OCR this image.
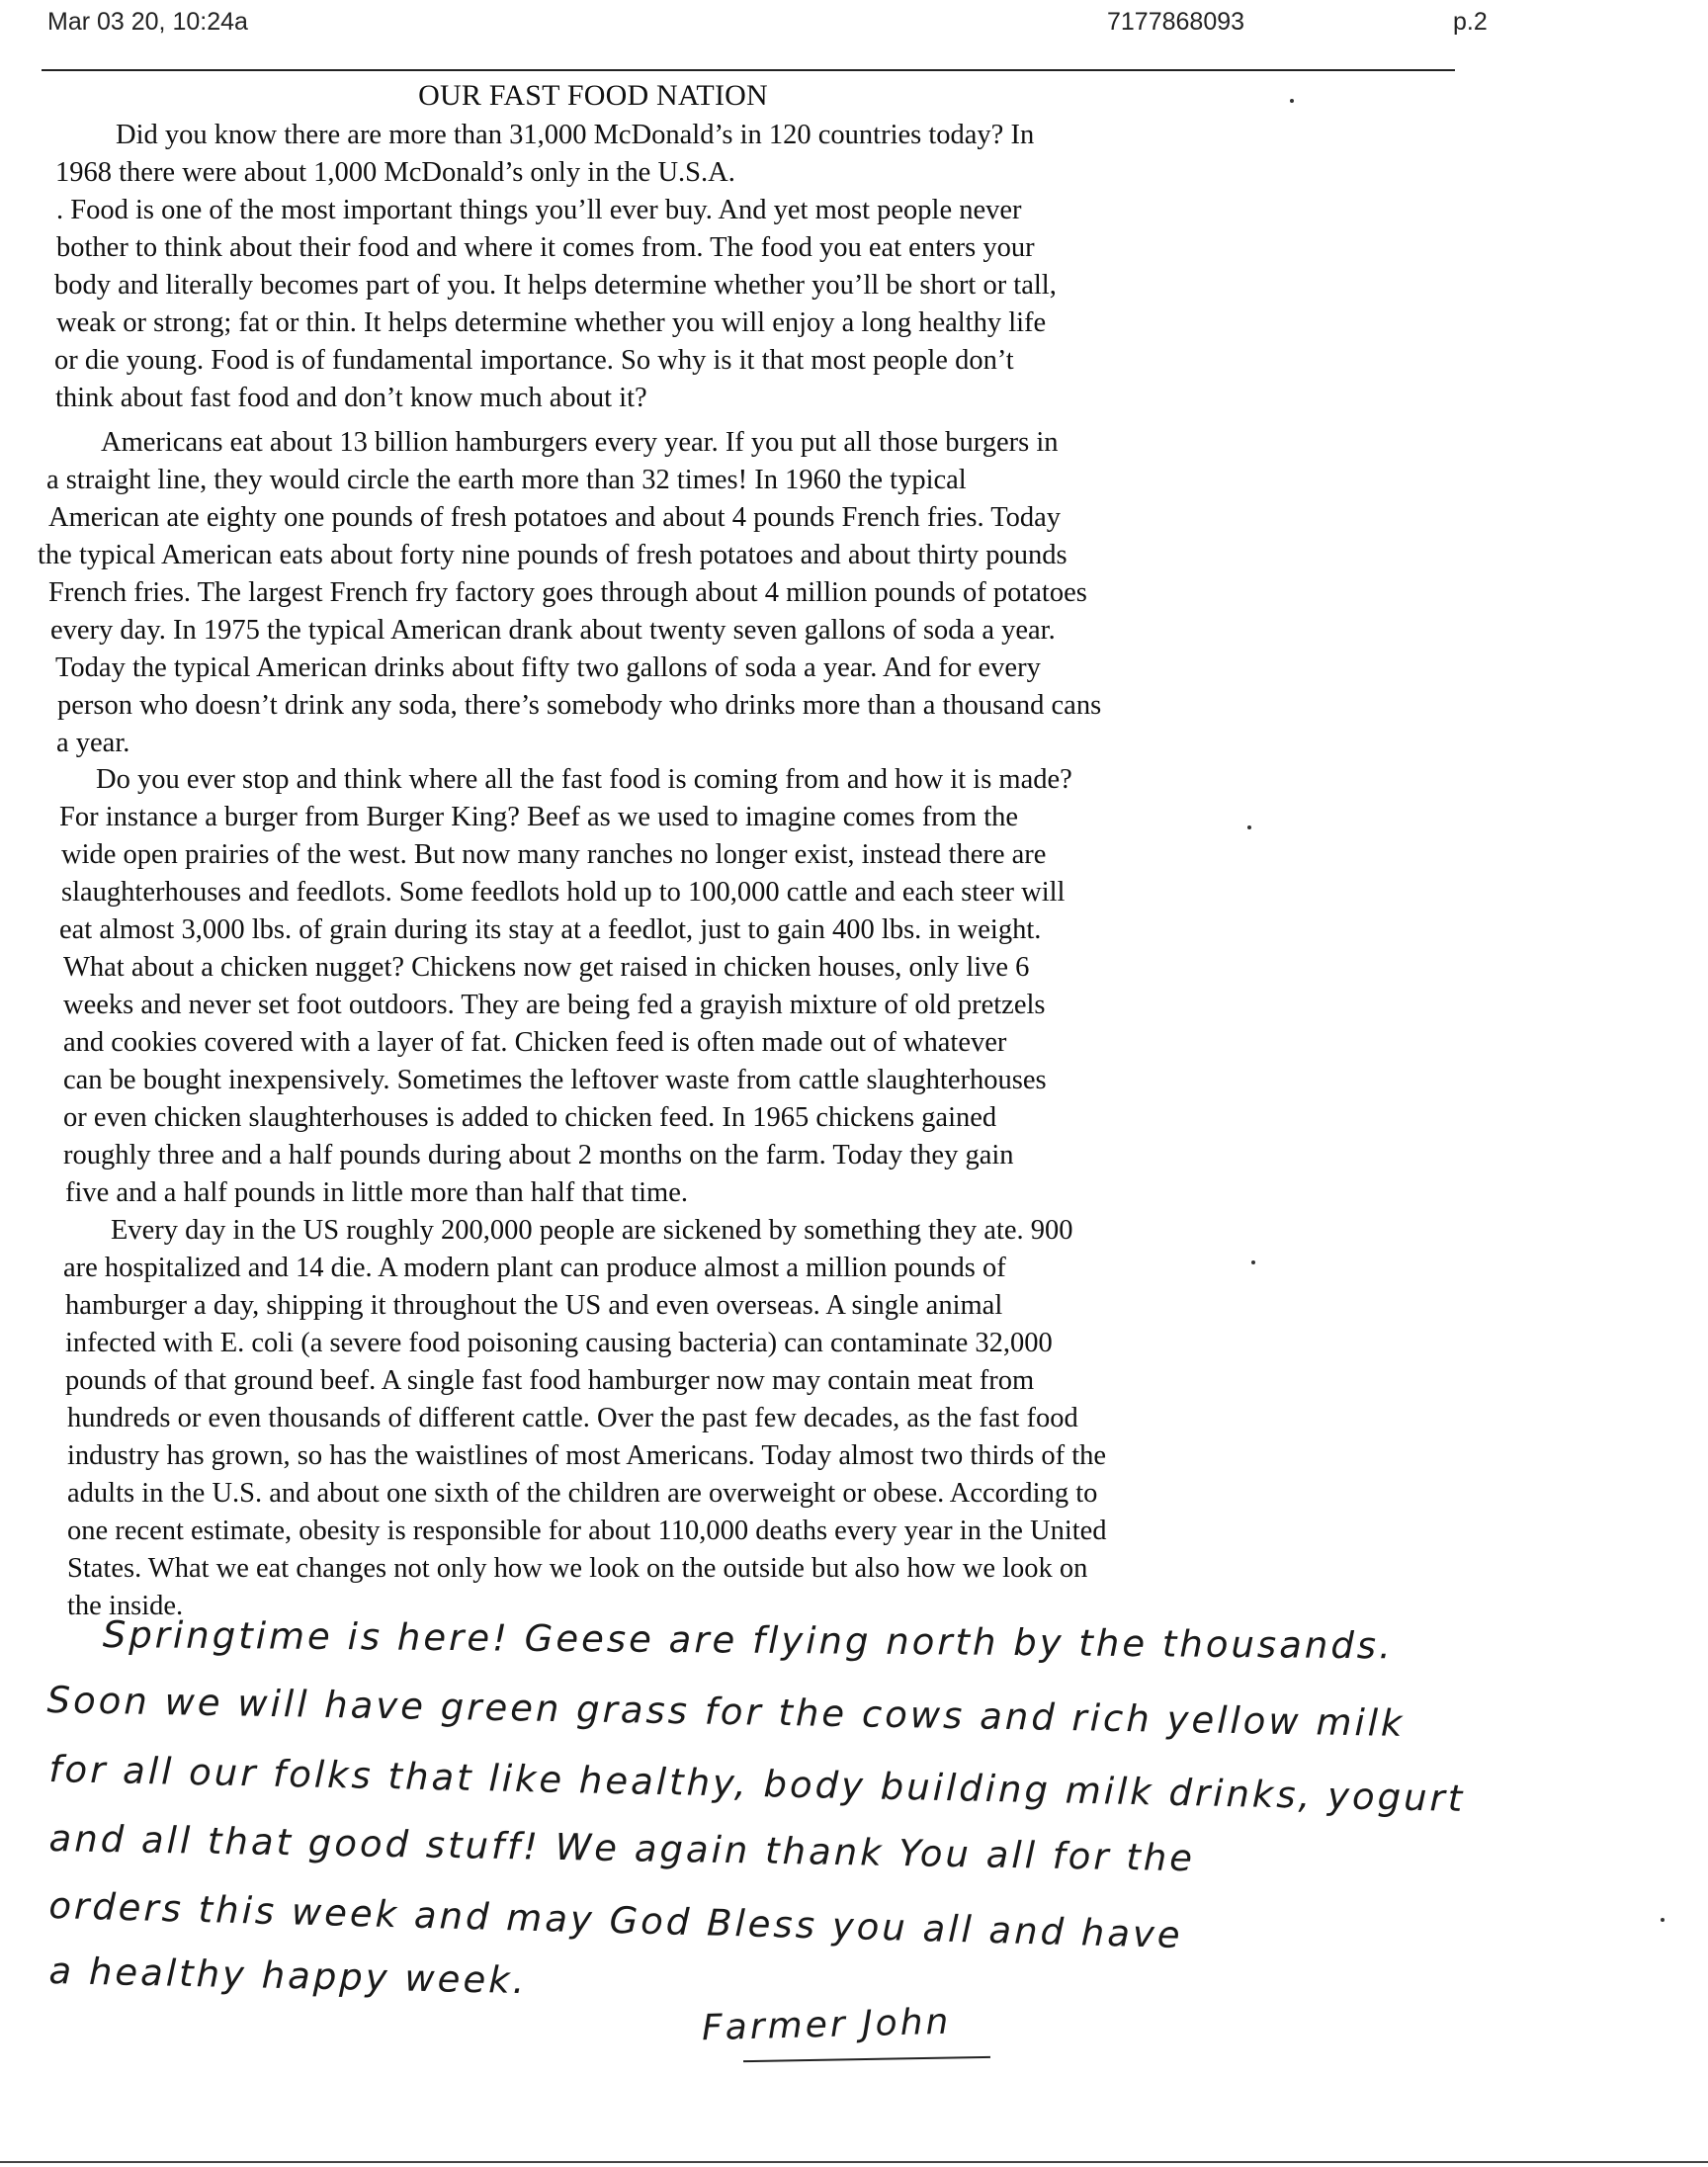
Mar 03 20, 10:24a	7177868093	p.2
OUR FAST FOOD NATION
Did you know there are more than 31,000 McDonald’s in 120 countries today? In
1968 there were about 1,000 McDonald’s only in the U.S.A.
. Food is one of the most important things you’ll ever buy. And yet most people never
bother to think about their food and where it comes from. The food you eat enters your
body and literally becomes part of you. It helps determine whether you’ll be short or tall,
weak or strong; fat or thin. It helps determine whether you will enjoy a long healthy life
or die young. Food is of fundamental importance. So why is it that most people don’t
think about fast food and don’t know much about it?
Americans eat about 13 billion hamburgers every year. If you put all those burgers in
a straight line, they would circle the earth more than 32 times! In 1960 the typical
American ate eighty one pounds of fresh potatoes and about 4 pounds French fries. Today
the typical American eats about forty nine pounds of fresh potatoes and about thirty pounds
French fries. The largest French fry factory goes through about 4 million pounds of potatoes
every day. In 1975 the typical American drank about twenty seven gallons of soda a year.
Today the typical American drinks about fifty two gallons of soda a year. And for every
person who doesn’t drink any soda, there’s somebody who drinks more than a thousand cans
a year.
Do you ever stop and think where all the fast food is coming from and how it is made?
For instance a burger from Burger King? Beef as we used to imagine comes from the
wide open prairies of the west. But now many ranches no longer exist, instead there are
slaughterhouses and feedlots. Some feedlots hold up to 100,000 cattle and each steer will
eat almost 3,000 lbs. of grain during its stay at a feedlot, just to gain 400 lbs. in weight.
What about a chicken nugget? Chickens now get raised in chicken houses, only live 6
weeks and never set foot outdoors. They are being fed a grayish mixture of old pretzels
and cookies covered with a layer of fat. Chicken feed is often made out of whatever
can be bought inexpensively. Sometimes the leftover waste from cattle slaughterhouses
or even chicken slaughterhouses is added to chicken feed. In 1965 chickens gained
roughly three and a half pounds during about 2 months on the farm. Today they gain
five and a half pounds in little more than half that time.
Every day in the US roughly 200,000 people are sickened by something they ate. 900
are hospitalized and 14 die. A modern plant can produce almost a million pounds of
hamburger a day, shipping it throughout the US and even overseas. A single animal
infected with E. coli (a severe food poisoning causing bacteria) can contaminate 32,000
pounds of that ground beef. A single fast food hamburger now may contain meat from
hundreds or even thousands of different cattle. Over the past few decades, as the fast food
industry has grown, so has the waistlines of most Americans. Today almost two thirds of the
adults in the U.S. and about one sixth of the children are overweight or obese. According to
one recent estimate, obesity is responsible for about 110,000 deaths every year in the United
States. What we eat changes not only how we look on the outside but also how we look on
the inside.
Springtime is here! Geese are flying north by the thousands.
Soon we will have green grass for the cows and rich yellow milk
for all our folks that like healthy, body building milk drinks, yogurt
and all that good stuff! We again thank You all for the
orders this week and may God Bless you all and have
a healthy happy week.
Farmer John
